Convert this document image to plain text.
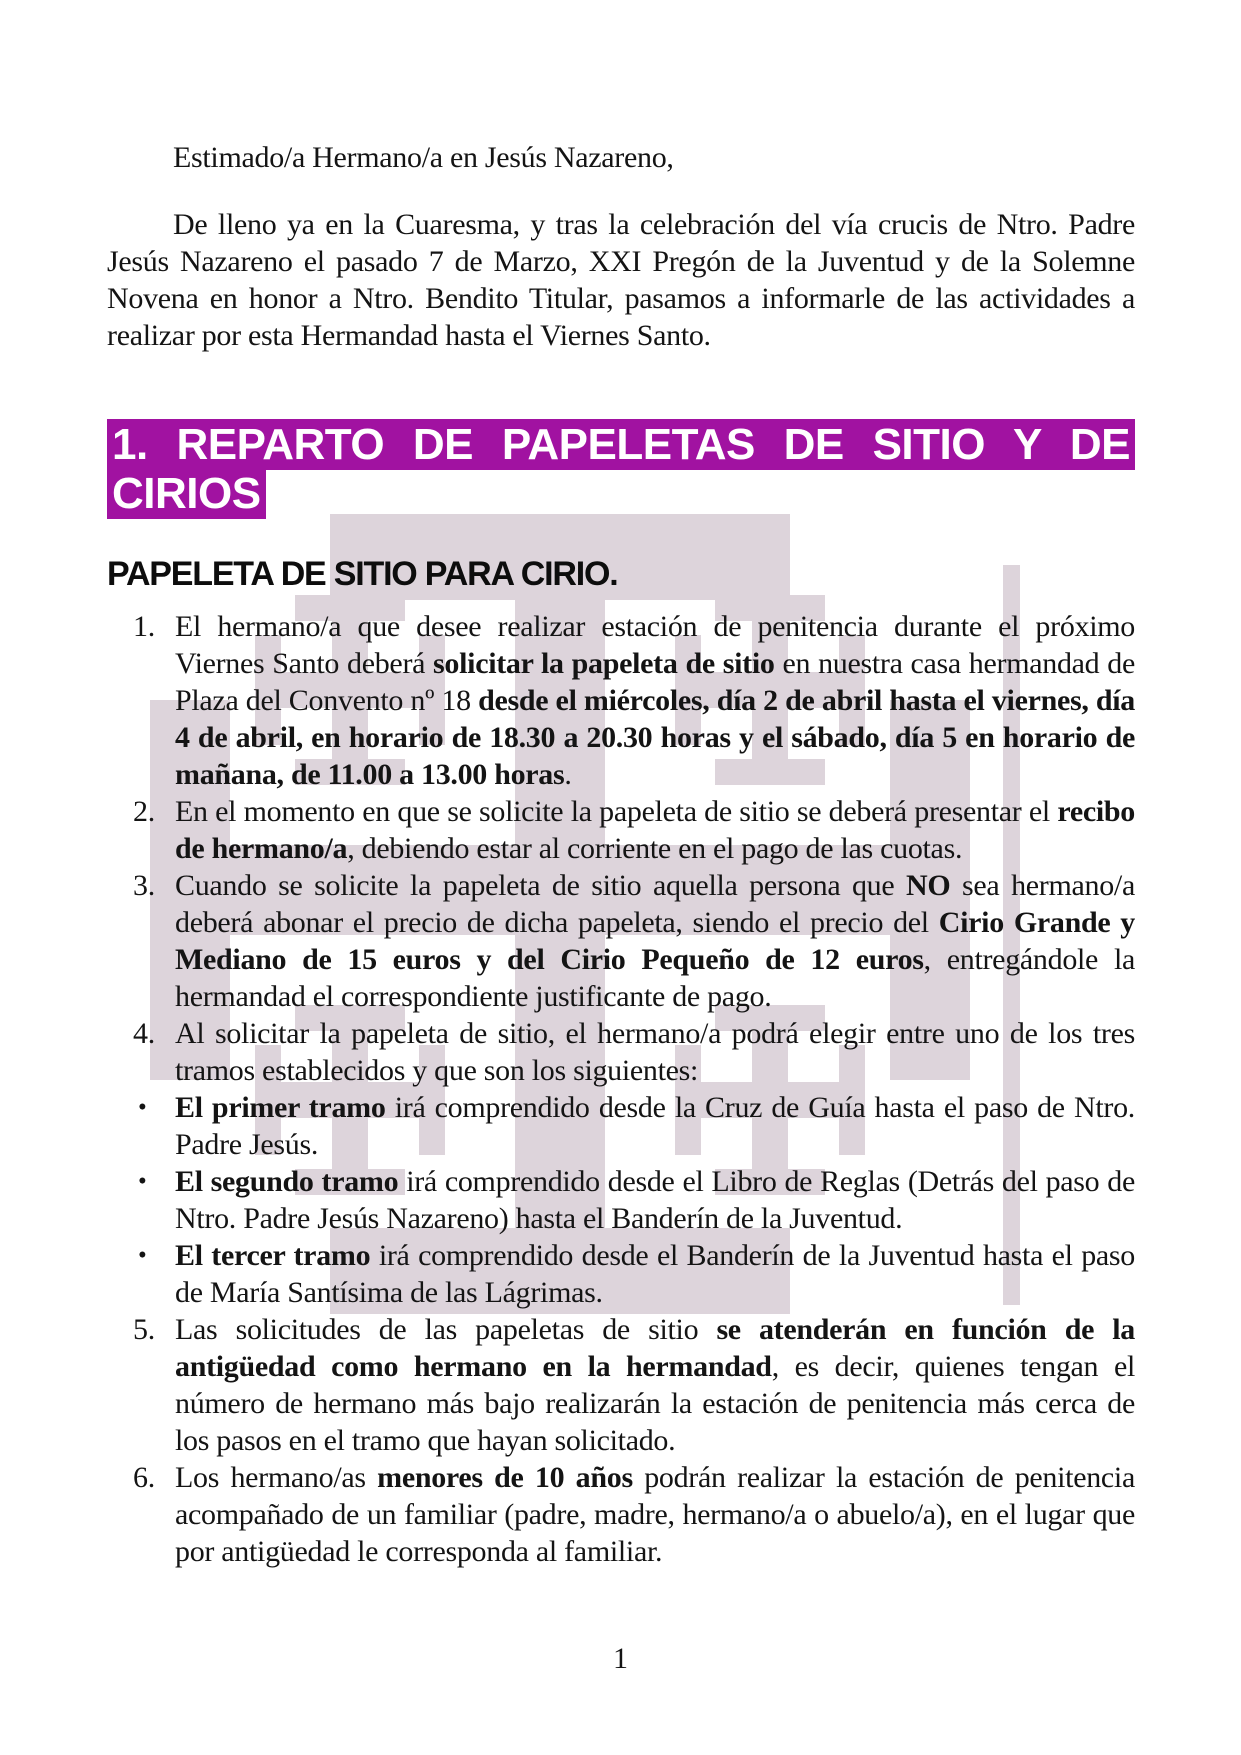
Estimado/a Hermano/a en Jesús Nazareno,

De lleno ya en la Cuaresma, y tras la celebración del vía crucis de Ntro. Padre Jesús Nazareno el pasado 7 de Marzo, XXI Pregón de la Juventud y de la Solemne Novena en honor a Ntro. Bendito Titular, pasamos a informarle de las actividades a realizar por esta Hermandad hasta el Viernes Santo.

1. REPARTO DE PAPELETAS DE SITIO Y DE CIRIOS
PAPELETA DE SITIO PARA CIRIO.
1. El hermano/a que desee realizar estación de penitencia durante el próximo Viernes Santo deberá solicitar la papeleta de sitio en nuestra casa hermandad de Plaza del Convento nº 18 desde el miércoles, día 2 de abril hasta el viernes, día 4 de abril, en horario de 18.30 a 20.30 horas y el sábado, día 5 en horario de mañana, de 11.00 a 13.00 horas.
2. En el momento en que se solicite la papeleta de sitio se deberá presentar el recibo de hermano/a, debiendo estar al corriente en el pago de las cuotas.
3. Cuando se solicite la papeleta de sitio aquella persona que NO sea hermano/a deberá abonar el precio de dicha papeleta, siendo el precio del Cirio Grande y Mediano de 15 euros y del Cirio Pequeño de 12 euros, entregándole la hermandad el correspondiente justificante de pago.
4. Al solicitar la papeleta de sitio, el hermano/a podrá elegir entre uno de los tres tramos establecidos y que son los siguientes:
• El primer tramo irá comprendido desde la Cruz de Guía hasta el paso de Ntro. Padre Jesús.
• El segundo tramo irá comprendido desde el Libro de Reglas (Detrás del paso de Ntro. Padre Jesús Nazareno) hasta el Banderín de la Juventud.
• El tercer tramo irá comprendido desde el Banderín de la Juventud hasta el paso de María Santísima de las Lágrimas.
5. Las solicitudes de las papeletas de sitio se atenderán en función de la antigüedad como hermano en la hermandad, es decir, quienes tengan el número de hermano más bajo realizarán la estación de penitencia más cerca de los pasos en el tramo que hayan solicitado.
6. Los hermano/as menores de 10 años podrán realizar la estación de penitencia acompañado de un familiar (padre, madre, hermano/a o abuelo/a), en el lugar que por antigüedad le corresponda al familiar.
1
